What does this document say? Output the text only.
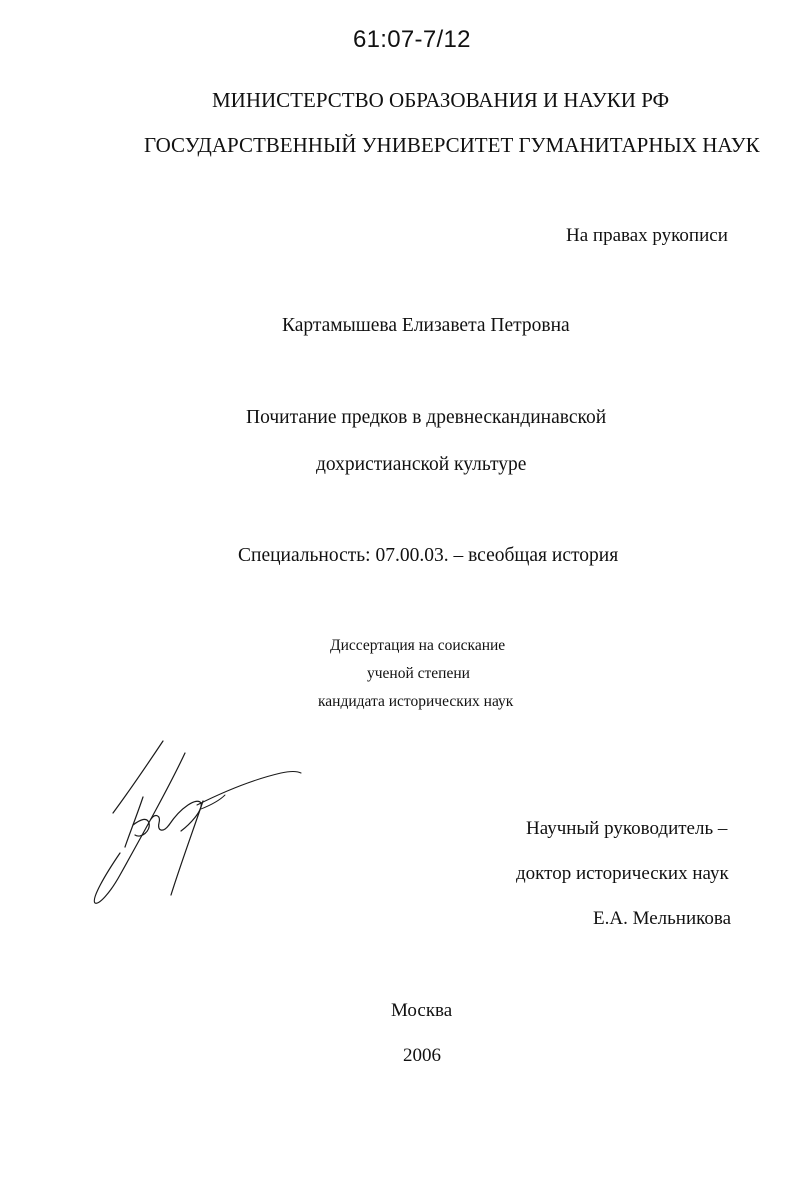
61:07-7/12
МИНИСТЕРСТВО ОБРАЗОВАНИЯ И НАУКИ РФ
ГОСУДАРСТВЕННЫЙ УНИВЕРСИТЕТ ГУМАНИТАРНЫХ НАУК
На правах рукописи
Картамышева Елизавета Петровна
Почитание предков в древнескандинавской
дохристианской культуре
Специальность: 07.00.03. – всеобщая история
Диссертация на соискание
ученой степени
кандидата исторических наук
Научный руководитель –
доктор исторических наук
Е.А. Мельникова
Москва
2006
